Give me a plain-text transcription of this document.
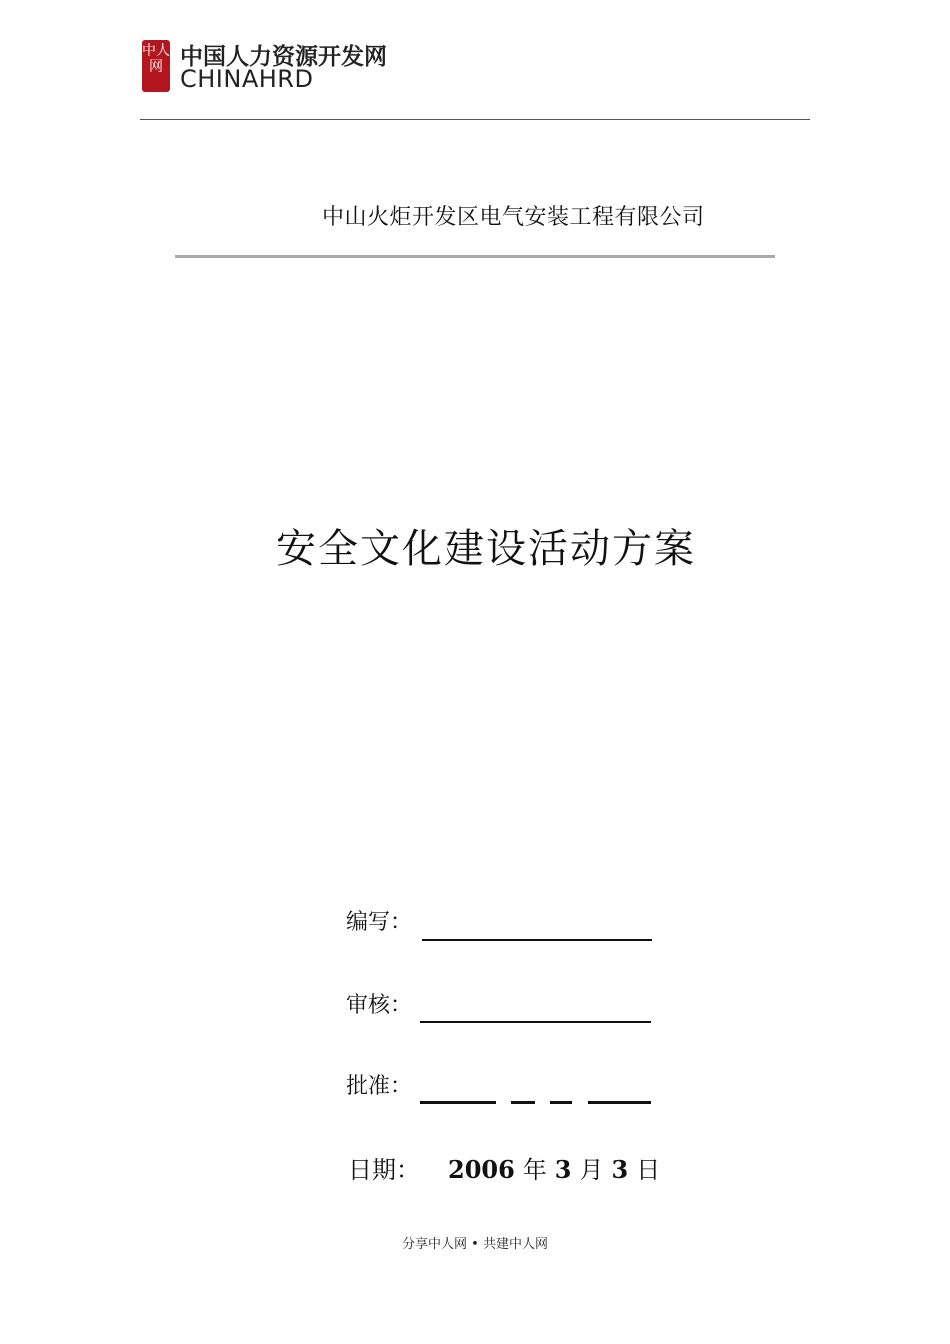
中人网 中国人力资源开发网
CHINAHRD
中山火炬开发区电气安装工程有限公司
安全文化建设活动方案
编写：
审核：
批准：
日期： 2006 年 3 月 3 日
分享中人网 • 共建中人网
